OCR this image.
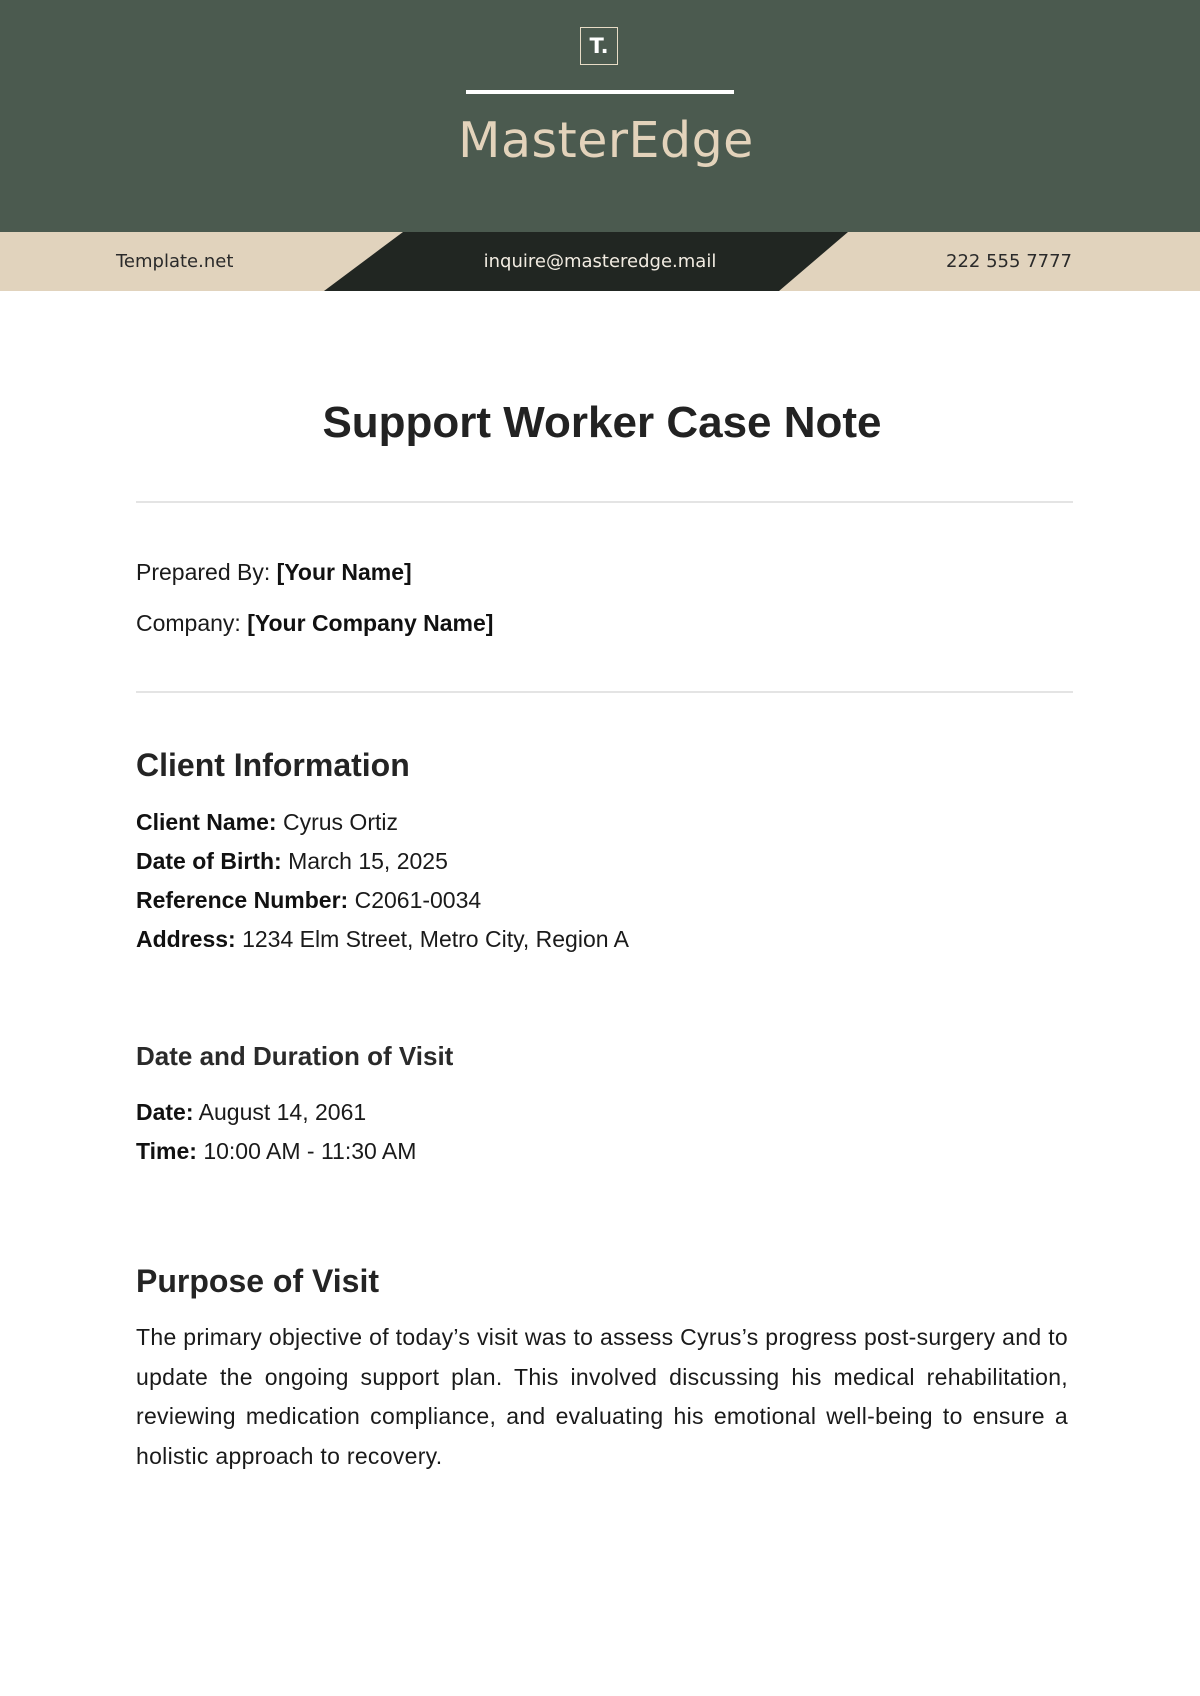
T.
MasterEdge
Template.net	inquire@masteredge.mail	222 555 7777
Support Worker Case Note
Prepared By: [Your Name]
Company: [Your Company Name]
Client Information
Client Name: Cyrus Ortiz
Date of Birth: March 15, 2025
Reference Number: C2061-0034
Address: 1234 Elm Street, Metro City, Region A
Date and Duration of Visit
Date: August 14, 2061
Time: 10:00 AM - 11:30 AM
Purpose of Visit
The primary objective of today’s visit was to assess Cyrus’s progress post-surgery and to update the ongoing support plan. This involved discussing his medical rehabilitation, reviewing medication compliance, and evaluating his emotional well-being to ensure a holistic approach to recovery.
